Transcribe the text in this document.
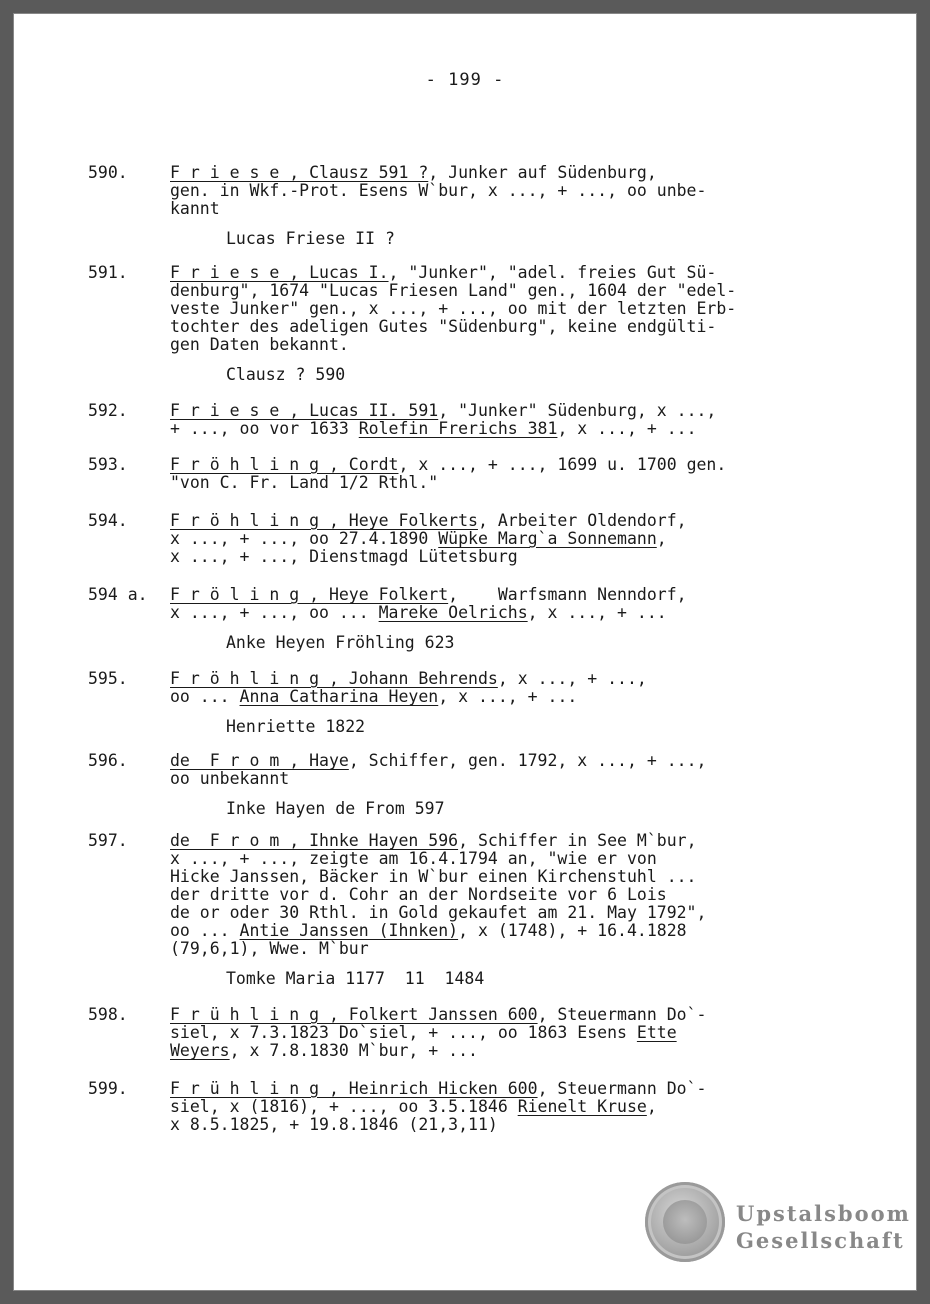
- 199 -
590.	F r i e s e , Clausz 591 ?, Junker auf Südenburg,
gen. in Wkf.-Prot. Esens W`bur, x ..., + ..., oo unbe-
kannt
Lucas Friese II ?
591.	F r i e s e , Lucas I., "Junker", "adel. freies Gut Sü-
denburg", 1674 "Lucas Friesen Land" gen., 1604 der "edel-
veste Junker" gen., x ..., + ..., oo mit der letzten Erb-
tochter des adeligen Gutes "Südenburg", keine endgülti-
gen Daten bekannt.
Clausz ? 590
592.	F r i e s e , Lucas II. 591, "Junker" Südenburg, x ...,
+ ..., oo vor 1633 Rolefin Frerichs 381, x ..., + ...
593.	F r ö h l i n g , Cordt, x ..., + ..., 1699 u. 1700 gen.
"von C. Fr. Land 1/2 Rthl."
594.	F r ö h l i n g , Heye Folkerts, Arbeiter Oldendorf,
x ..., + ..., oo 27.4.1890 Wüpke Marg`a Sonnemann,
x ..., + ..., Dienstmagd Lütetsburg
594 a.	F r ö l i n g , Heye Folkert,    Warfsmann Nenndorf,
x ..., + ..., oo ... Mareke Oelrichs, x ..., + ...
Anke Heyen Fröhling 623
595.	F r ö h l i n g , Johann Behrends, x ..., + ...,
oo ... Anna Catharina Heyen, x ..., + ...
Henriette 1822
596.	de  F r o m , Haye, Schiffer, gen. 1792, x ..., + ...,
oo unbekannt
Inke Hayen de From 597
597.	de  F r o m , Ihnke Hayen 596, Schiffer in See M`bur,
x ..., + ..., zeigte am 16.4.1794 an, "wie er von
Hicke Janssen, Bäcker in W`bur einen Kirchenstuhl ...
der dritte vor d. Cohr an der Nordseite vor 6 Lois
de or oder 30 Rthl. in Gold gekaufet am 21. May 1792",
oo ... Antie Janssen (Ihnken), x (1748), + 16.4.1828
(79,6,1), Wwe. M`bur
Tomke Maria 1177  11  1484
598.	F r ü h l i n g , Folkert Janssen 600, Steuermann Do`-
siel, x 7.3.1823 Do`siel, + ..., oo 1863 Esens Ette
Weyers, x 7.8.1830 M`bur, + ...
599.	F r ü h l i n g , Heinrich Hicken 600, Steuermann Do`-
siel, x (1816), + ..., oo 3.5.1846 Rienelt Kruse,
x 8.5.1825, + 19.8.1846 (21,3,11)
Upstalsboom
Gesellschaft
